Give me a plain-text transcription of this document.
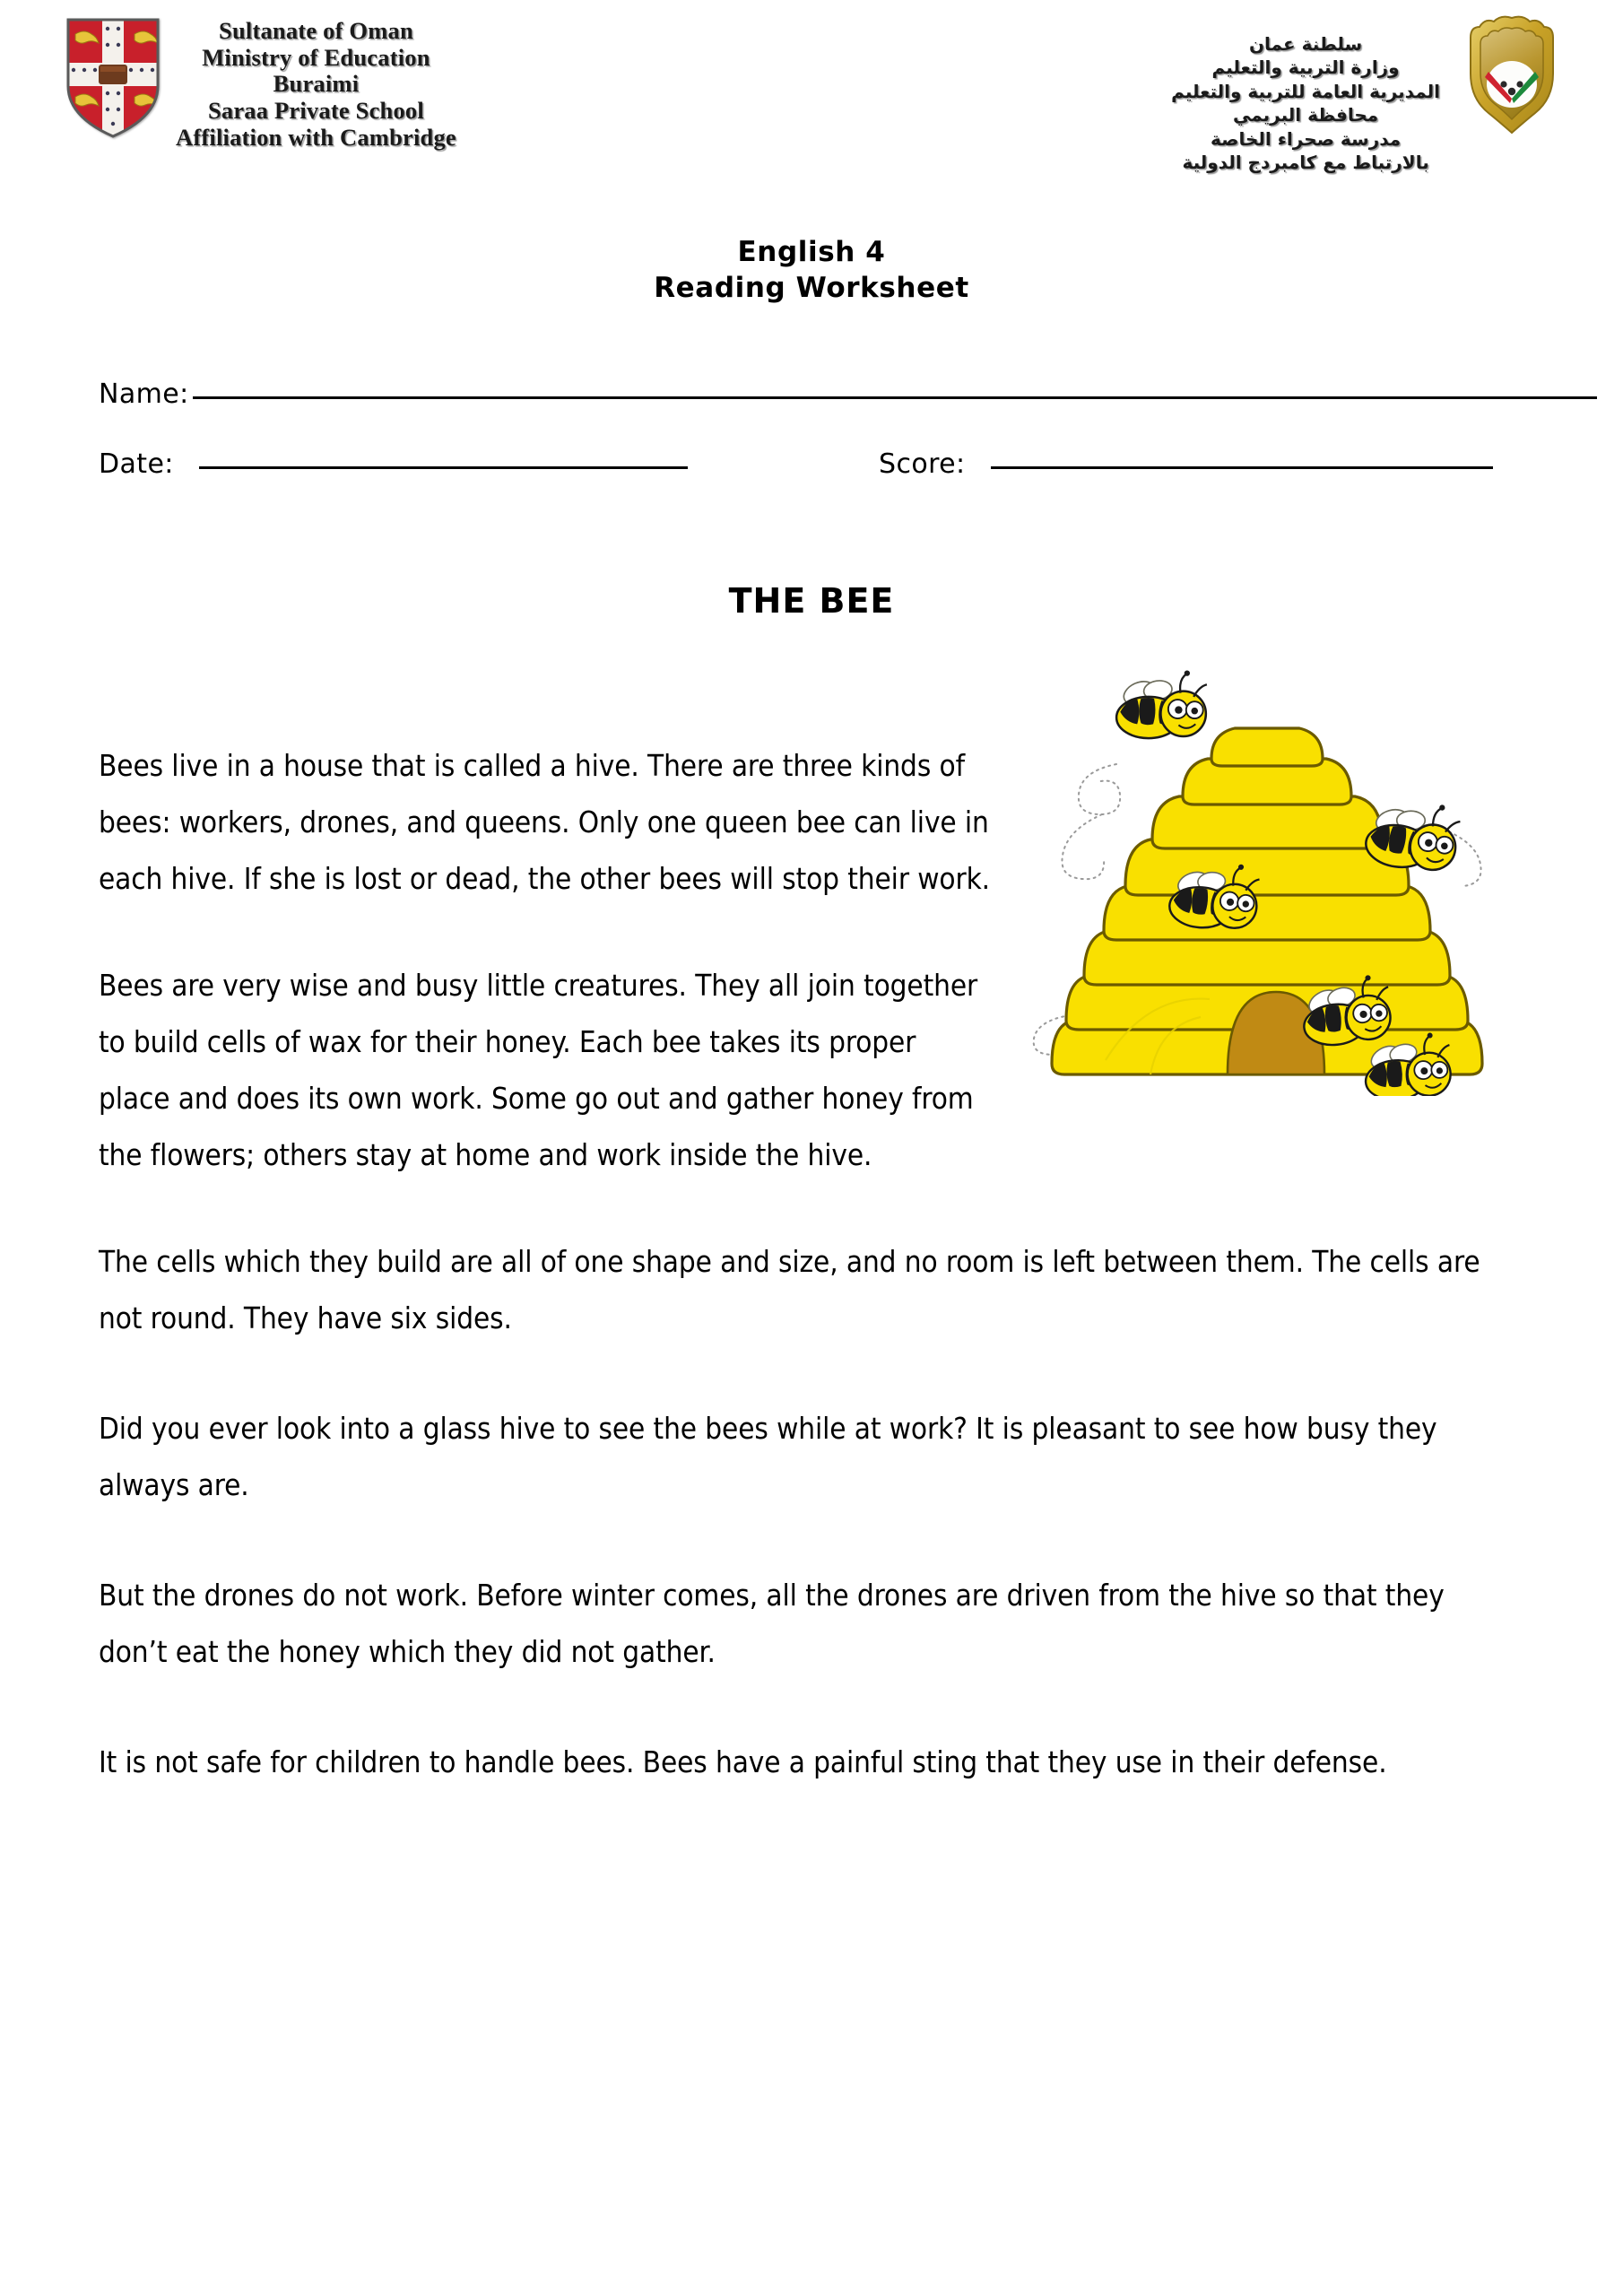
Sultanate of Oman
Ministry of Education
Buraimi
Saraa Private School
Affiliation with Cambridge
سلطنة عمان
وزارة التربية والتعليم
المديرية العامة للتربية والتعليم
محافظة البريمي
مدرسة صحراء الخاصة
بالارتباط مع كامبردج الدولية
English 4
Reading Worksheet
Name:
Date:	Score:
THE BEE

Bees live in a house that is called a hive. There are three kinds of bees: workers, drones, and queens. Only one queen bee can live in each hive. If she is lost or dead, the other bees will stop their work.

Bees are very wise and busy little creatures. They all join together to build cells of wax for their honey. Each bee takes its proper place and does its own work. Some go out and gather honey from the flowers; others stay at home and work inside the hive.

The cells which they build are all of one shape and size, and no room is left between them. The cells are not round. They have six sides.

Did you ever look into a glass hive to see the bees while at work? It is pleasant to see how busy they always are.

But the drones do not work. Before winter comes, all the drones are driven from the hive so that they don’t eat the honey which they did not gather.

It is not safe for children to handle bees. Bees have a painful sting that they use in their defense.
